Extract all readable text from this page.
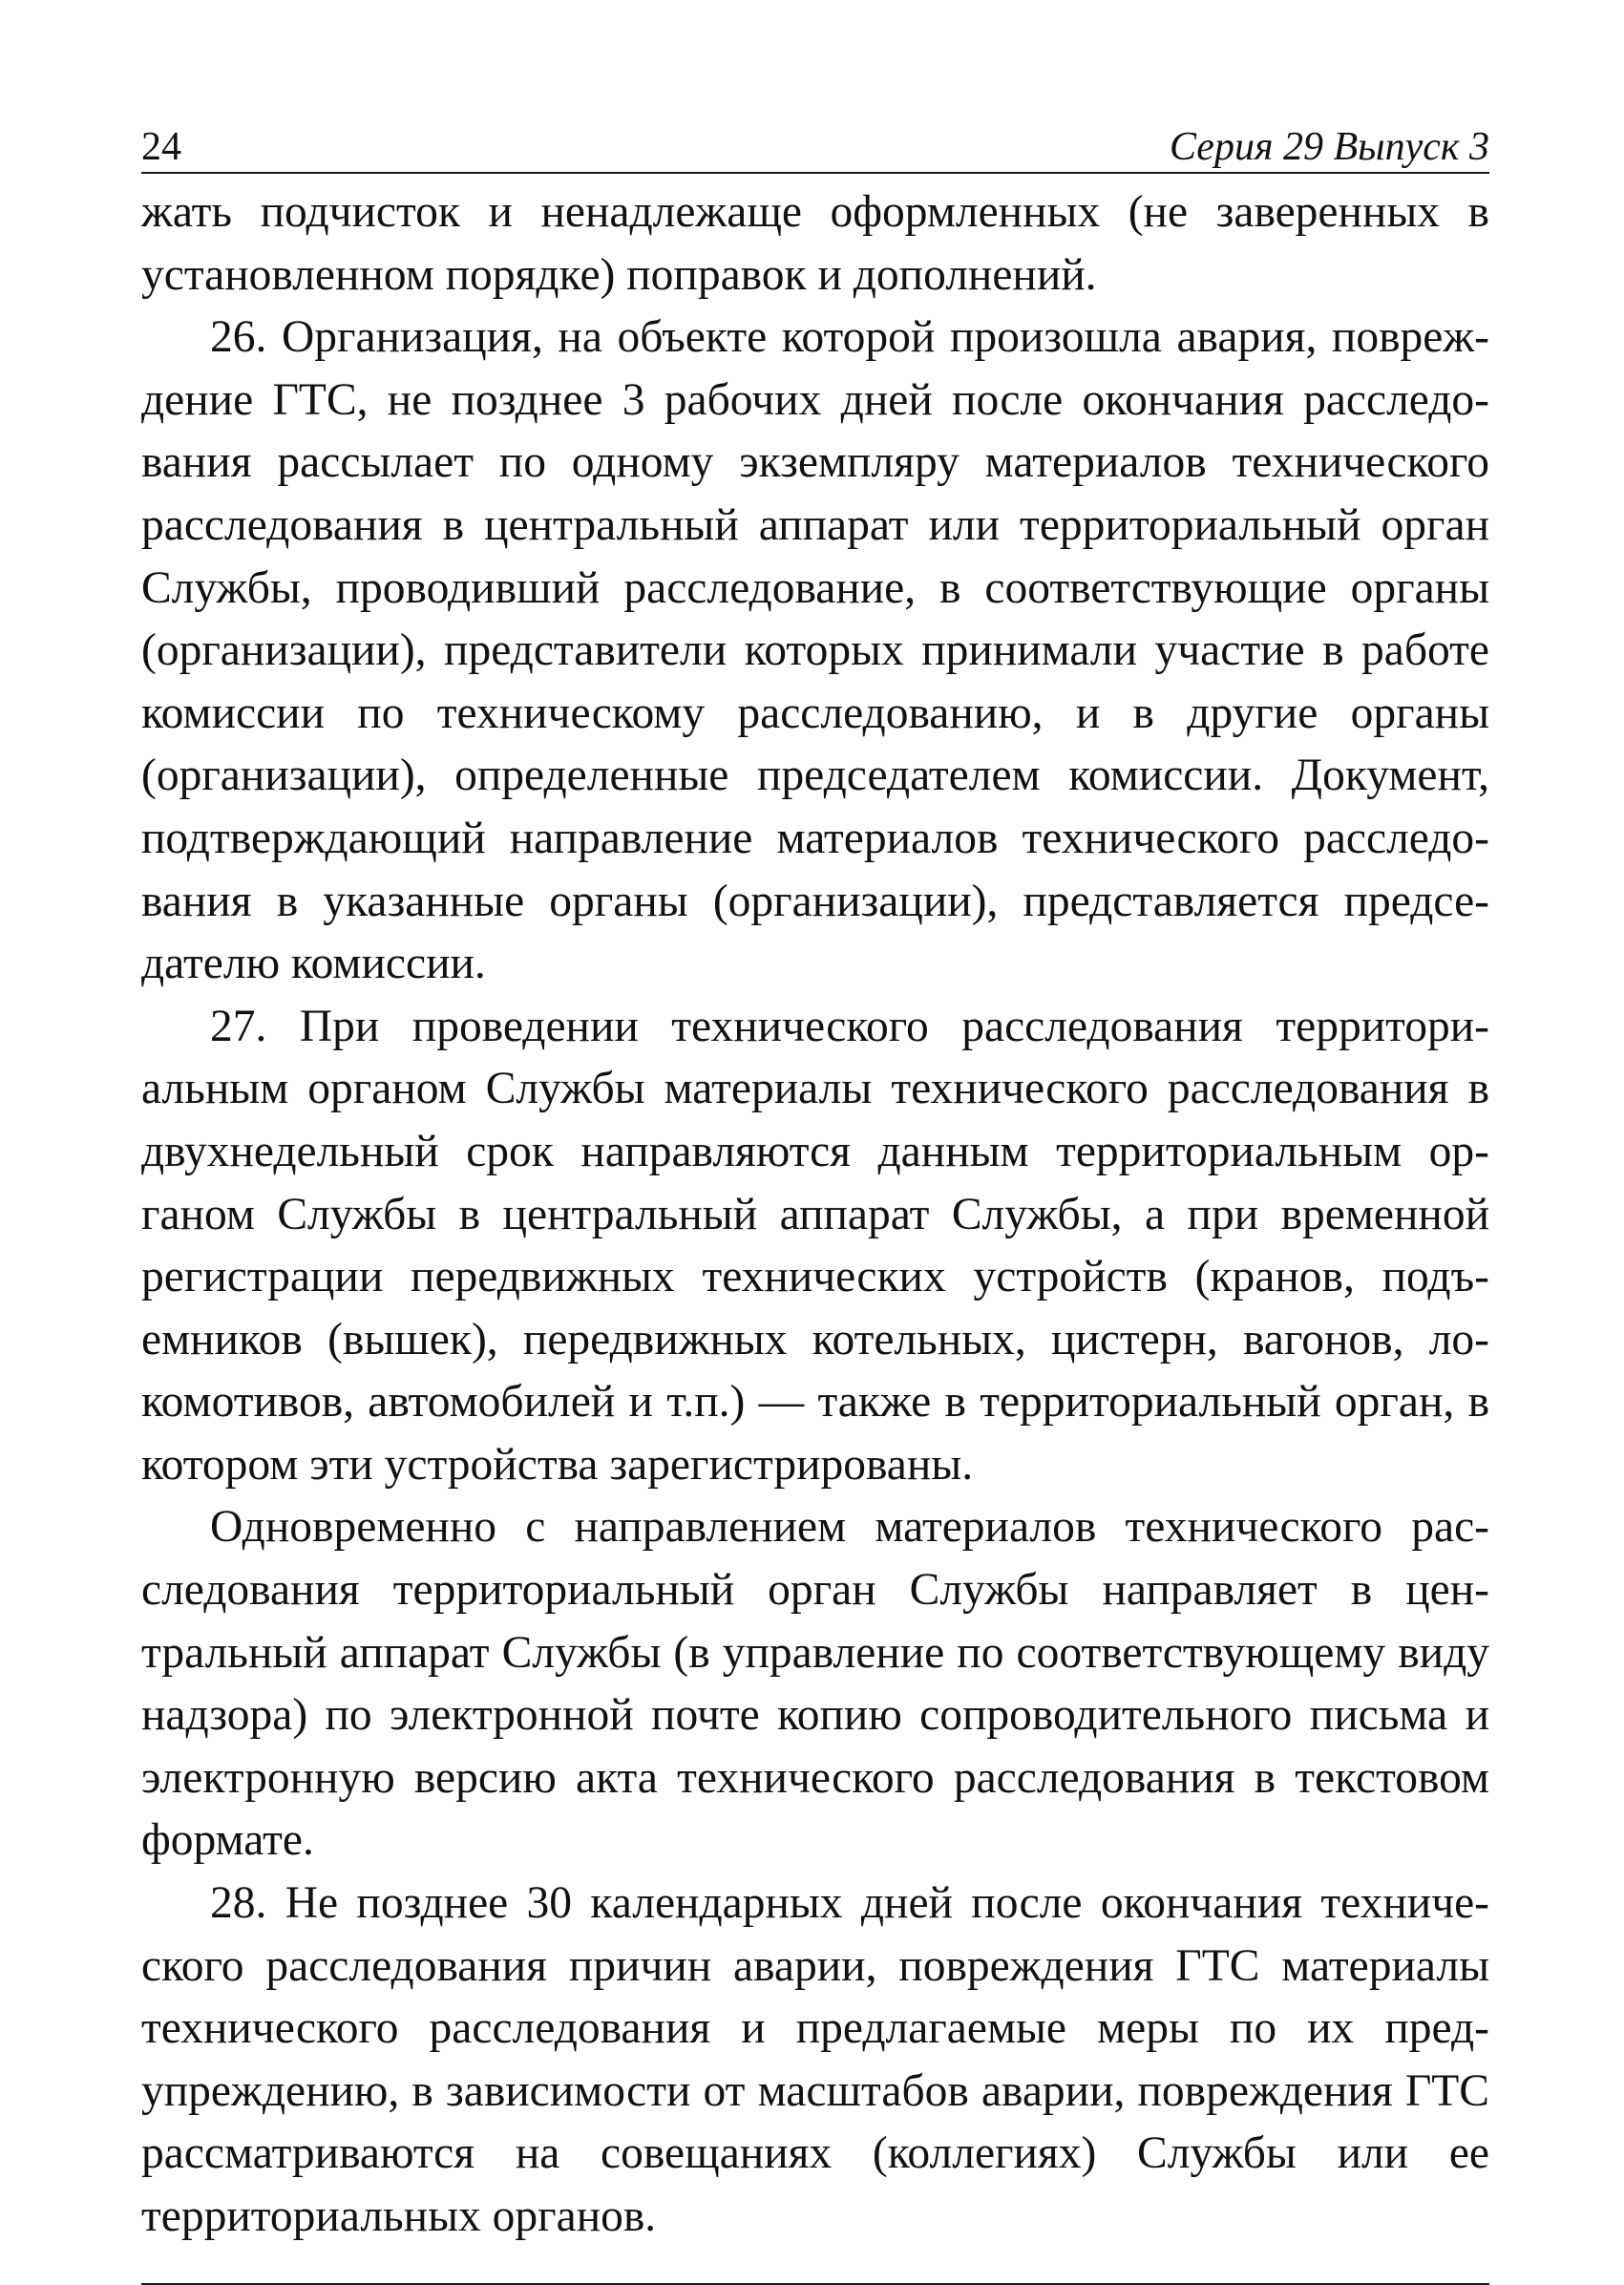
24	Серия 29 Выпуск 3

жать подчисток и ненадлежаще оформленных (не заверенных в установленном порядке) поправок и дополнений.

26. Организация, на объекте которой произошла авария, повреждение ГТС, не позднее 3 рабочих дней после окончания расследования рассылает по одному экземпляру материалов технического расследования в центральный аппарат или территориальный орган Службы, проводивший расследование, в соответствующие органы (организации), представители которых принимали участие в работе комиссии по техническому расследованию, и в другие органы (организации), определенные председателем комиссии. Документ, подтверждающий направление материалов технического расследования в указанные органы (организации), представляется председателю комиссии.

27. При проведении технического расследования территориальным органом Службы материалы технического расследования в двухнедельный срок направляются данным территориальным органом Службы в центральный аппарат Службы, а при временной регистрации передвижных технических устройств (кранов, подъемников (вышек), передвижных котельных, цистерн, вагонов, локомотивов, автомобилей и т.п.) — также в территориальный орган, в котором эти устройства зарегистрированы.

Одновременно с направлением материалов технического расследования территориальный орган Службы направляет в центральный аппарат Службы (в управление по соответствующему виду надзора) по электронной почте копию сопроводительного письма и электронную версию акта технического расследования в текстовом формате.

28. Не позднее 30 календарных дней после окончания технического расследования причин аварии, повреждения ГТС материалы технического расследования и предлагаемые меры по их предупреждению, в зависимости от масштабов аварии, повреждения ГТС рассматриваются на совещаниях (коллегиях) Службы или ее территориальных органов.
